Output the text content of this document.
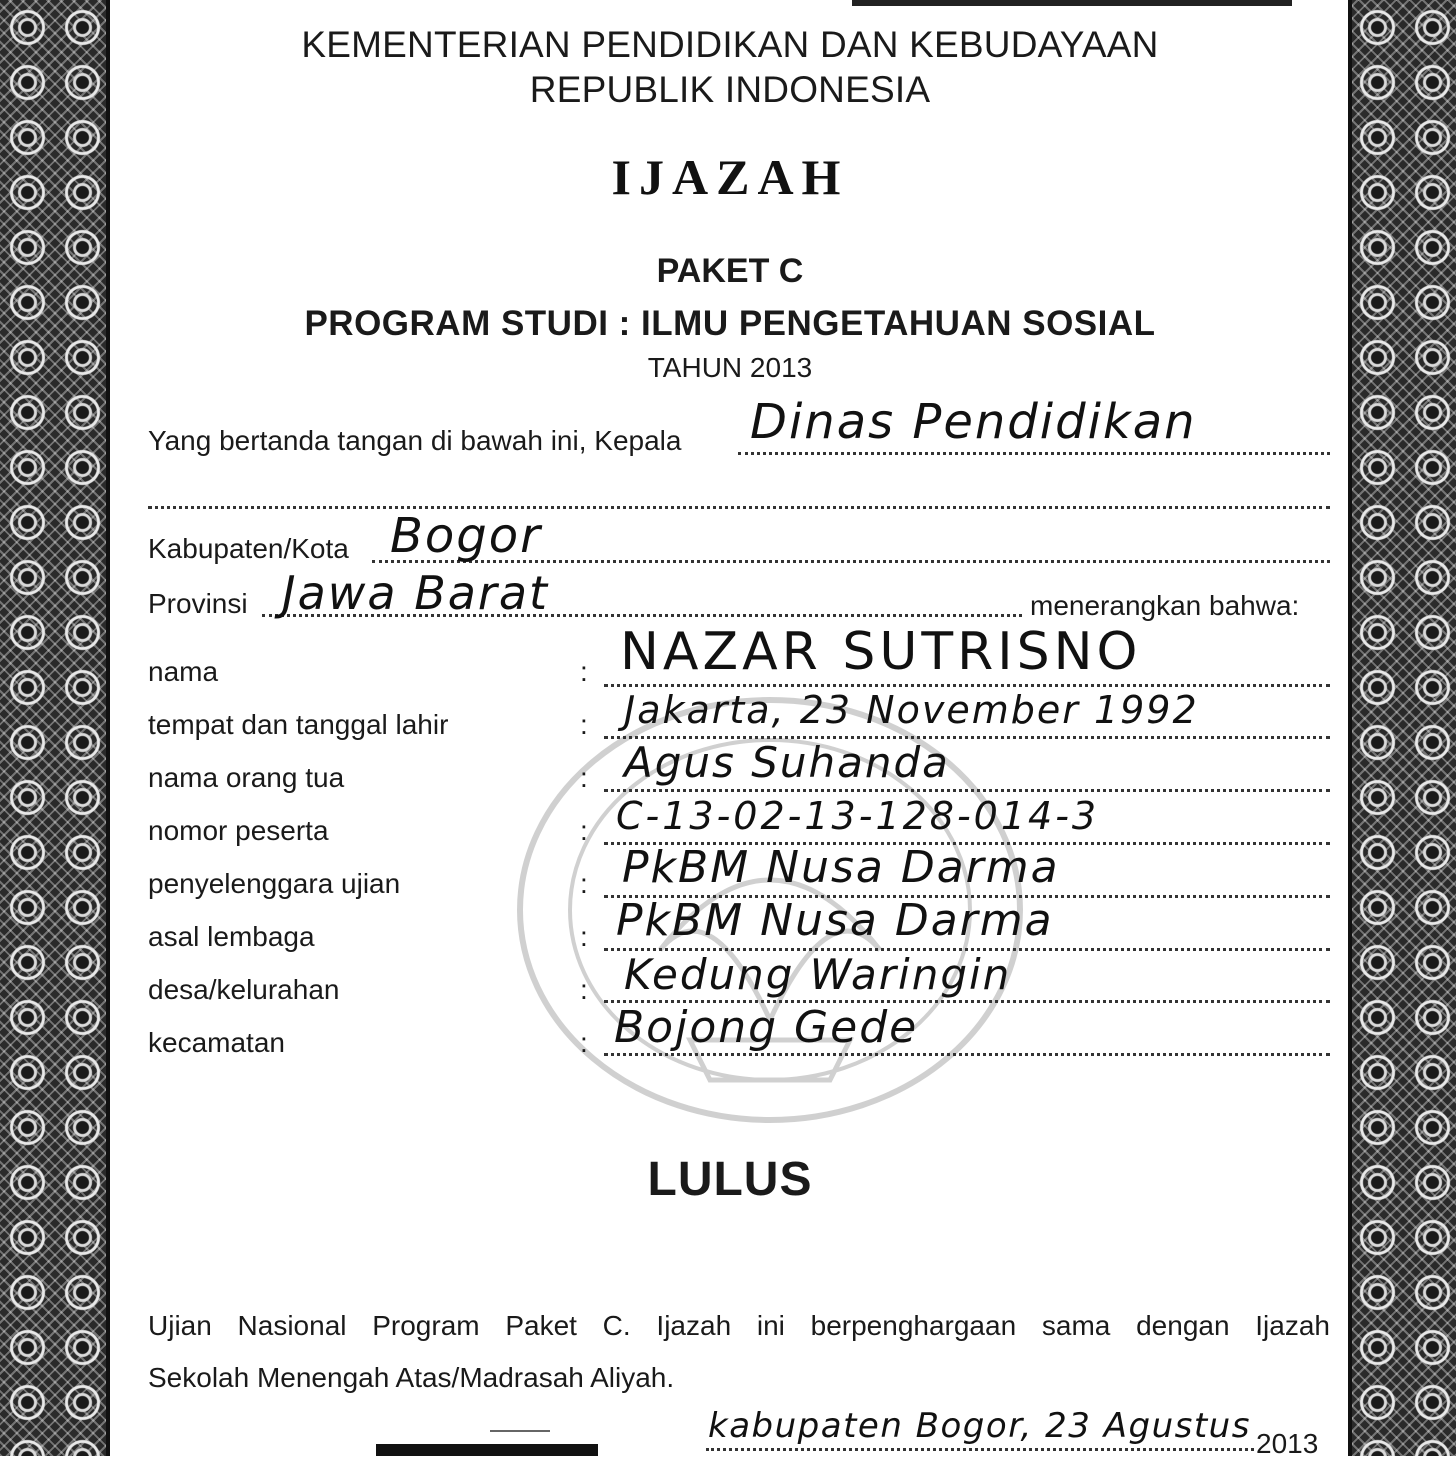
KEMENTERIAN PENDIDIKAN DAN KEBUDAYAAN
REPUBLIK INDONESIA
IJAZAH
PAKET C
PROGRAM STUDI : ILMU PENGETAHUAN SOSIAL
TAHUN 2013
Yang bertanda tangan di bawah ini, Kepala Dinas Pendidikan
Kabupaten/Kota Bogor
Provinsi Jawa Barat	menerangkan bahwa:
nama	: NAZAR SUTRISNO
tempat dan tanggal lahir	: Jakarta, 23 November 1992
nama orang tua	: Agus Suhanda
nomor peserta	: C-13-02-13-128-014-3
penyelenggara ujian	: PkBM Nusa Darma
asal lembaga	: PkBM Nusa Darma
desa/kelurahan	: Kedung Waringin
kecamatan	: Bojong Gede
LULUS
Ujian Nasional Program Paket C. Ijazah ini berpenghargaan sama dengan Ijazah
Sekolah Menengah Atas/Madrasah Aliyah.
kabupaten Bogor, 23 Agustus 2013
